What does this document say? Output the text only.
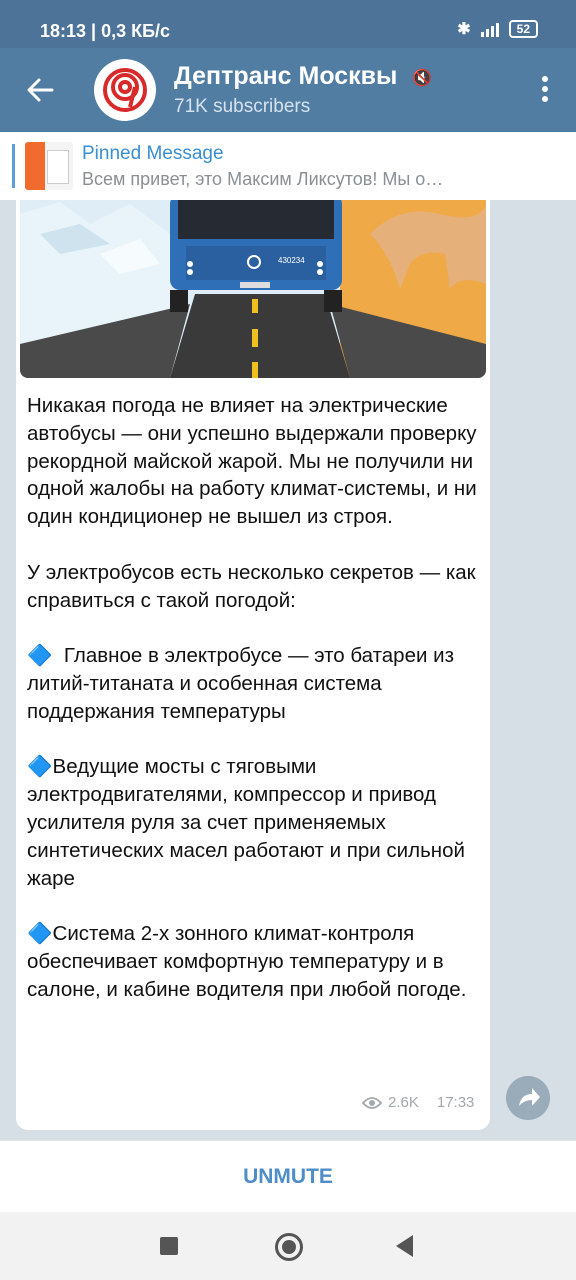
18:13 | 0,3 КБ/с	✱	52
Дептранс Москвы 🔇
71K subscribers
Pinned Message
Всем привет, это Максим Ликсутов! Мы о…
430234
Никакая погода не влияет на электрические автобусы — они успешно выдержали проверку рекордной майской жарой. Мы не получили ни одной жалобы на работу климат-системы, и ни один кондиционер не вышел из строя.

У электробусов есть несколько секретов — как справиться с такой погодой:

🔷  Главное в электробусе — это батареи из литий-титаната и особенная система поддержания температуры

🔷Ведущие мосты с тяговыми электродвигателями, компрессор и привод усилителя руля за счет применяемых синтетических масел работают и при сильной жаре

🔷Система 2-х зонного климат-контроля обеспечивает комфортную температуру и в салоне, и кабине водителя при любой погоде.
2.6K 17:33
UNMUTE
